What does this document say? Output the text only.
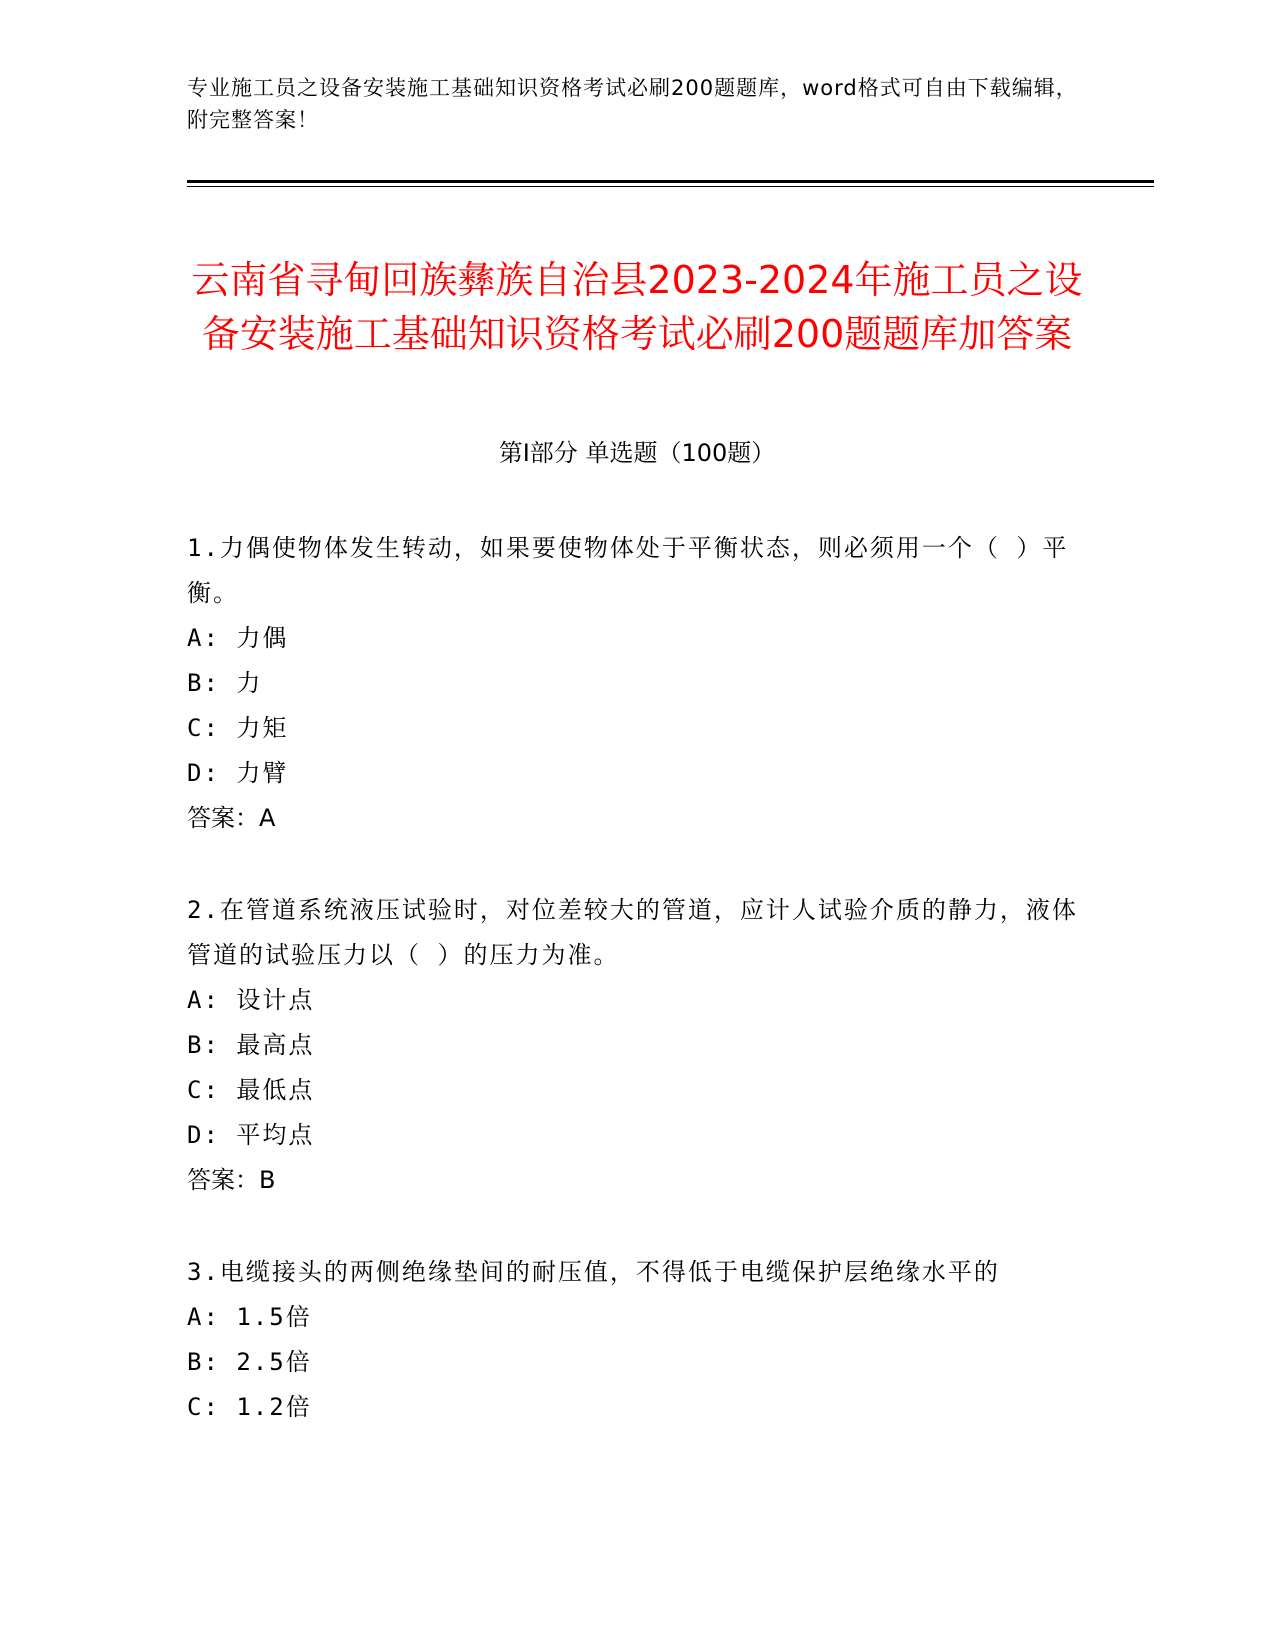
专业施工员之设备安装施工基础知识资格考试必刷200题题库，word格式可自由下载编辑，附完整答案！
云南省寻甸回族彝族自治县2023-2024年施工员之设备安装施工基础知识资格考试必刷200题题库加答案
第I部分 单选题（100题）
1.力偶使物体发生转动，如果要使物体处于平衡状态，则必须用一个（ ）平衡。
A: 力偶
B: 力
C: 力矩
D: 力臂
答案：A
2.在管道系统液压试验时，对位差较大的管道，应计人试验介质的静力，液体管道的试验压力以（ ）的压力为准。
A: 设计点
B: 最高点
C: 最低点
D: 平均点
答案：B
3.电缆接头的两侧绝缘垫间的耐压值，不得低于电缆保护层绝缘水平的
A: 1.5倍
B: 2.5倍
C: 1.2倍
